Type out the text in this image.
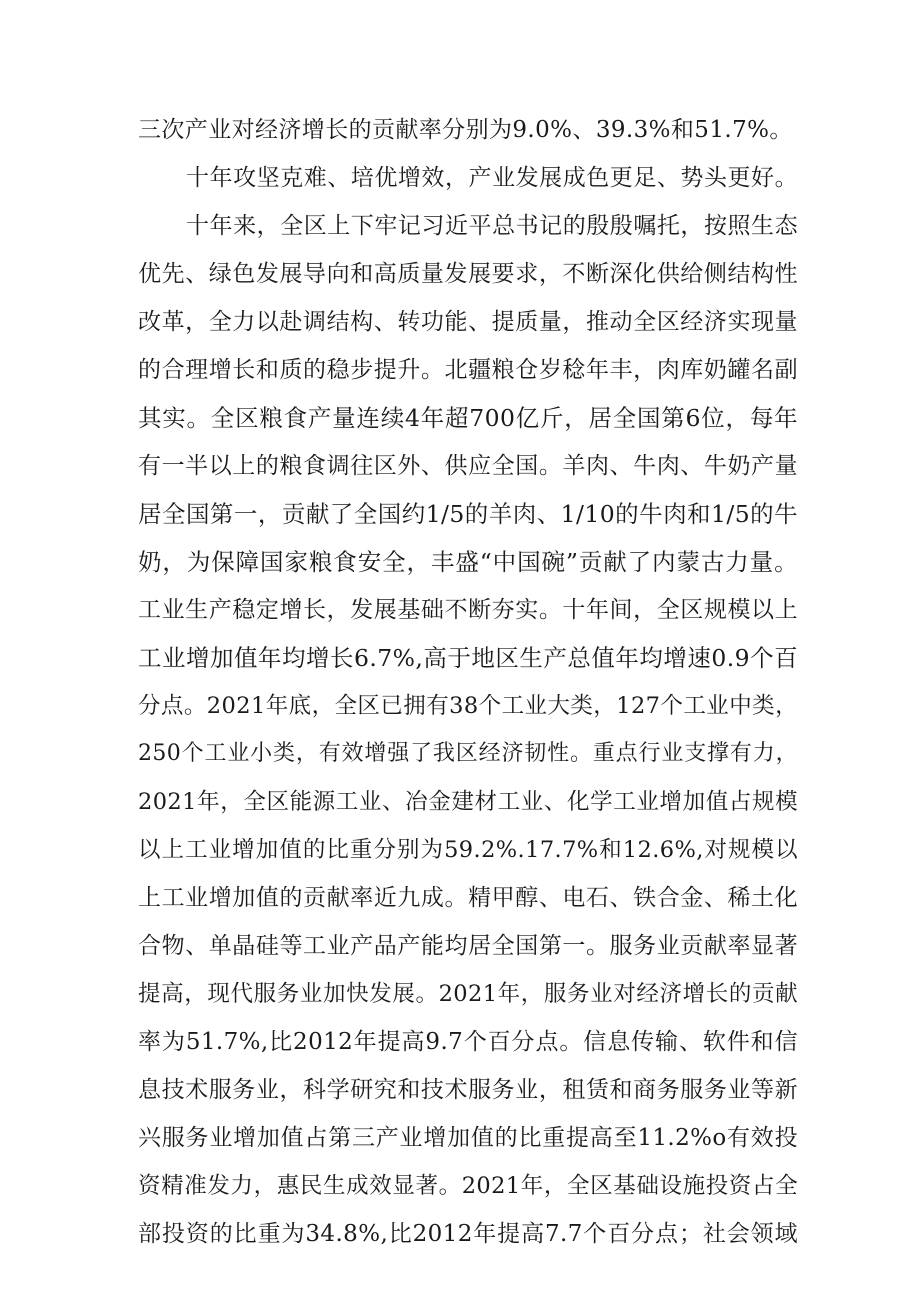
三次产业对经济增长的贡献率分别为9.0%、39.3%和51.7%。
十年攻坚克难、培优增效，产业发展成色更足、势头更好。
十年来，全区上下牢记习近平总书记的殷殷嘱托，按照生态
优先、绿色发展导向和高质量发展要求，不断深化供给侧结构性
改革，全力以赴调结构、转功能、提质量，推动全区经济实现量
的合理增长和质的稳步提升。北疆粮仓岁稔年丰，肉库奶罐名副
其实。全区粮食产量连续4年超700亿斤，居全国第6位，每年
有一半以上的粮食调往区外、供应全国。羊肉、牛肉、牛奶产量
居全国第一，贡献了全国约1/5的羊肉、1/10的牛肉和1/5的牛
奶，为保障国家粮食安全，丰盛“中国碗”贡献了内蒙古力量。
工业生产稳定增长，发展基础不断夯实。十年间，全区规模以上
工业增加值年均增长6.7%,高于地区生产总值年均增速0.9个百
分点。2021年底，全区已拥有38个工业大类，127个工业中类，
250个工业小类，有效增强了我区经济韧性。重点行业支撑有力，
2021年，全区能源工业、冶金建材工业、化学工业增加值占规模
以上工业增加值的比重分别为59.2%.17.7%和12.6%,对规模以
上工业增加值的贡献率近九成。精甲醇、电石、铁合金、稀土化
合物、单晶硅等工业产品产能均居全国第一。服务业贡献率显著
提高，现代服务业加快发展。2021年，服务业对经济增长的贡献
率为51.7%,比2012年提高9.7个百分点。信息传输、软件和信
息技术服务业，科学研究和技术服务业，租赁和商务服务业等新
兴服务业增加值占第三产业增加值的比重提高至11.2%o有效投
资精准发力，惠民生成效显著。2021年，全区基础设施投资占全
部投资的比重为34.8%,比2012年提高7.7个百分点；社会领域
